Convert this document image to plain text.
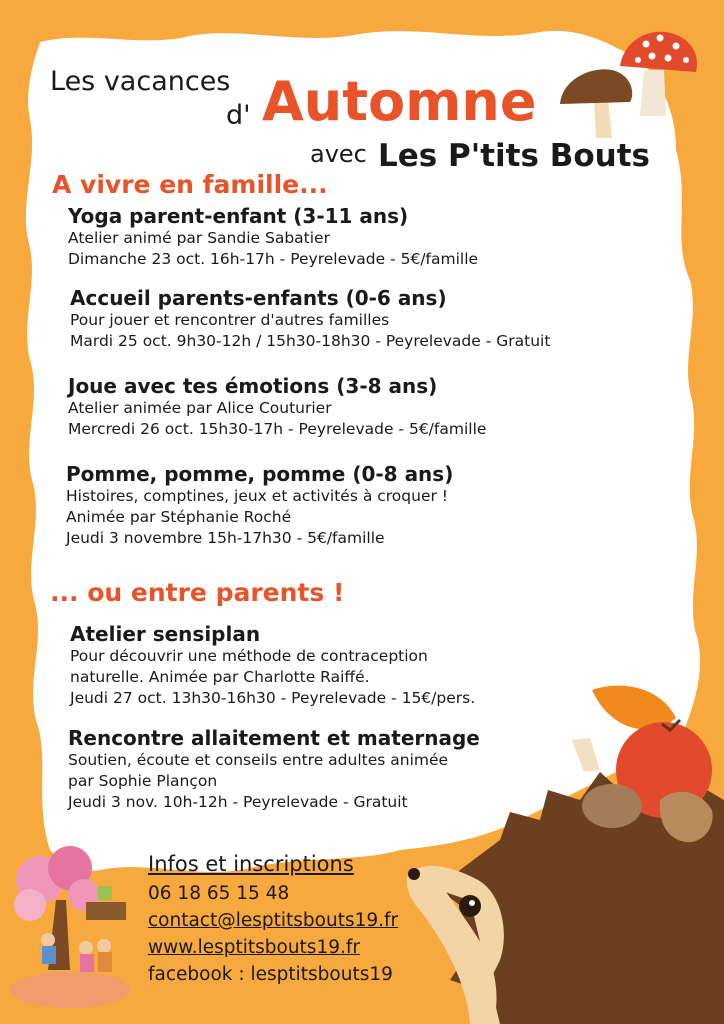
Les vacances
d' Automne
avec Les P'tits Bouts
A vivre en famille...
Yoga parent-enfant (3-11 ans)
Atelier animé par Sandie Sabatier
Dimanche 23 oct. 16h-17h - Peyrelevade - 5€/famille
Accueil parents-enfants (0-6 ans)
Pour jouer et rencontrer d'autres familles
Mardi 25 oct. 9h30-12h / 15h30-18h30 - Peyrelevade - Gratuit
Joue avec tes émotions (3-8 ans)
Atelier animée par Alice Couturier
Mercredi 26 oct. 15h30-17h - Peyrelevade - 5€/famille
Pomme, pomme, pomme (0-8 ans)
Histoires, comptines, jeux et activités à croquer !
Animée par Stéphanie Roché
Jeudi 3 novembre 15h-17h30 - 5€/famille
... ou entre parents !
Atelier sensiplan
Pour découvrir une méthode de contraception
naturelle. Animée par Charlotte Raiffé.
Jeudi 27 oct. 13h30-16h30 - Peyrelevade - 15€/pers.
Rencontre allaitement et maternage
Soutien, écoute et conseils entre adultes animée
par Sophie Plançon
Jeudi 3 nov. 10h-12h - Peyrelevade - Gratuit
Infos et inscriptions
06 18 65 15 48
contact@lesptitsbouts19.fr
www.lesptitsbouts19.fr
facebook : lesptitsbouts19
